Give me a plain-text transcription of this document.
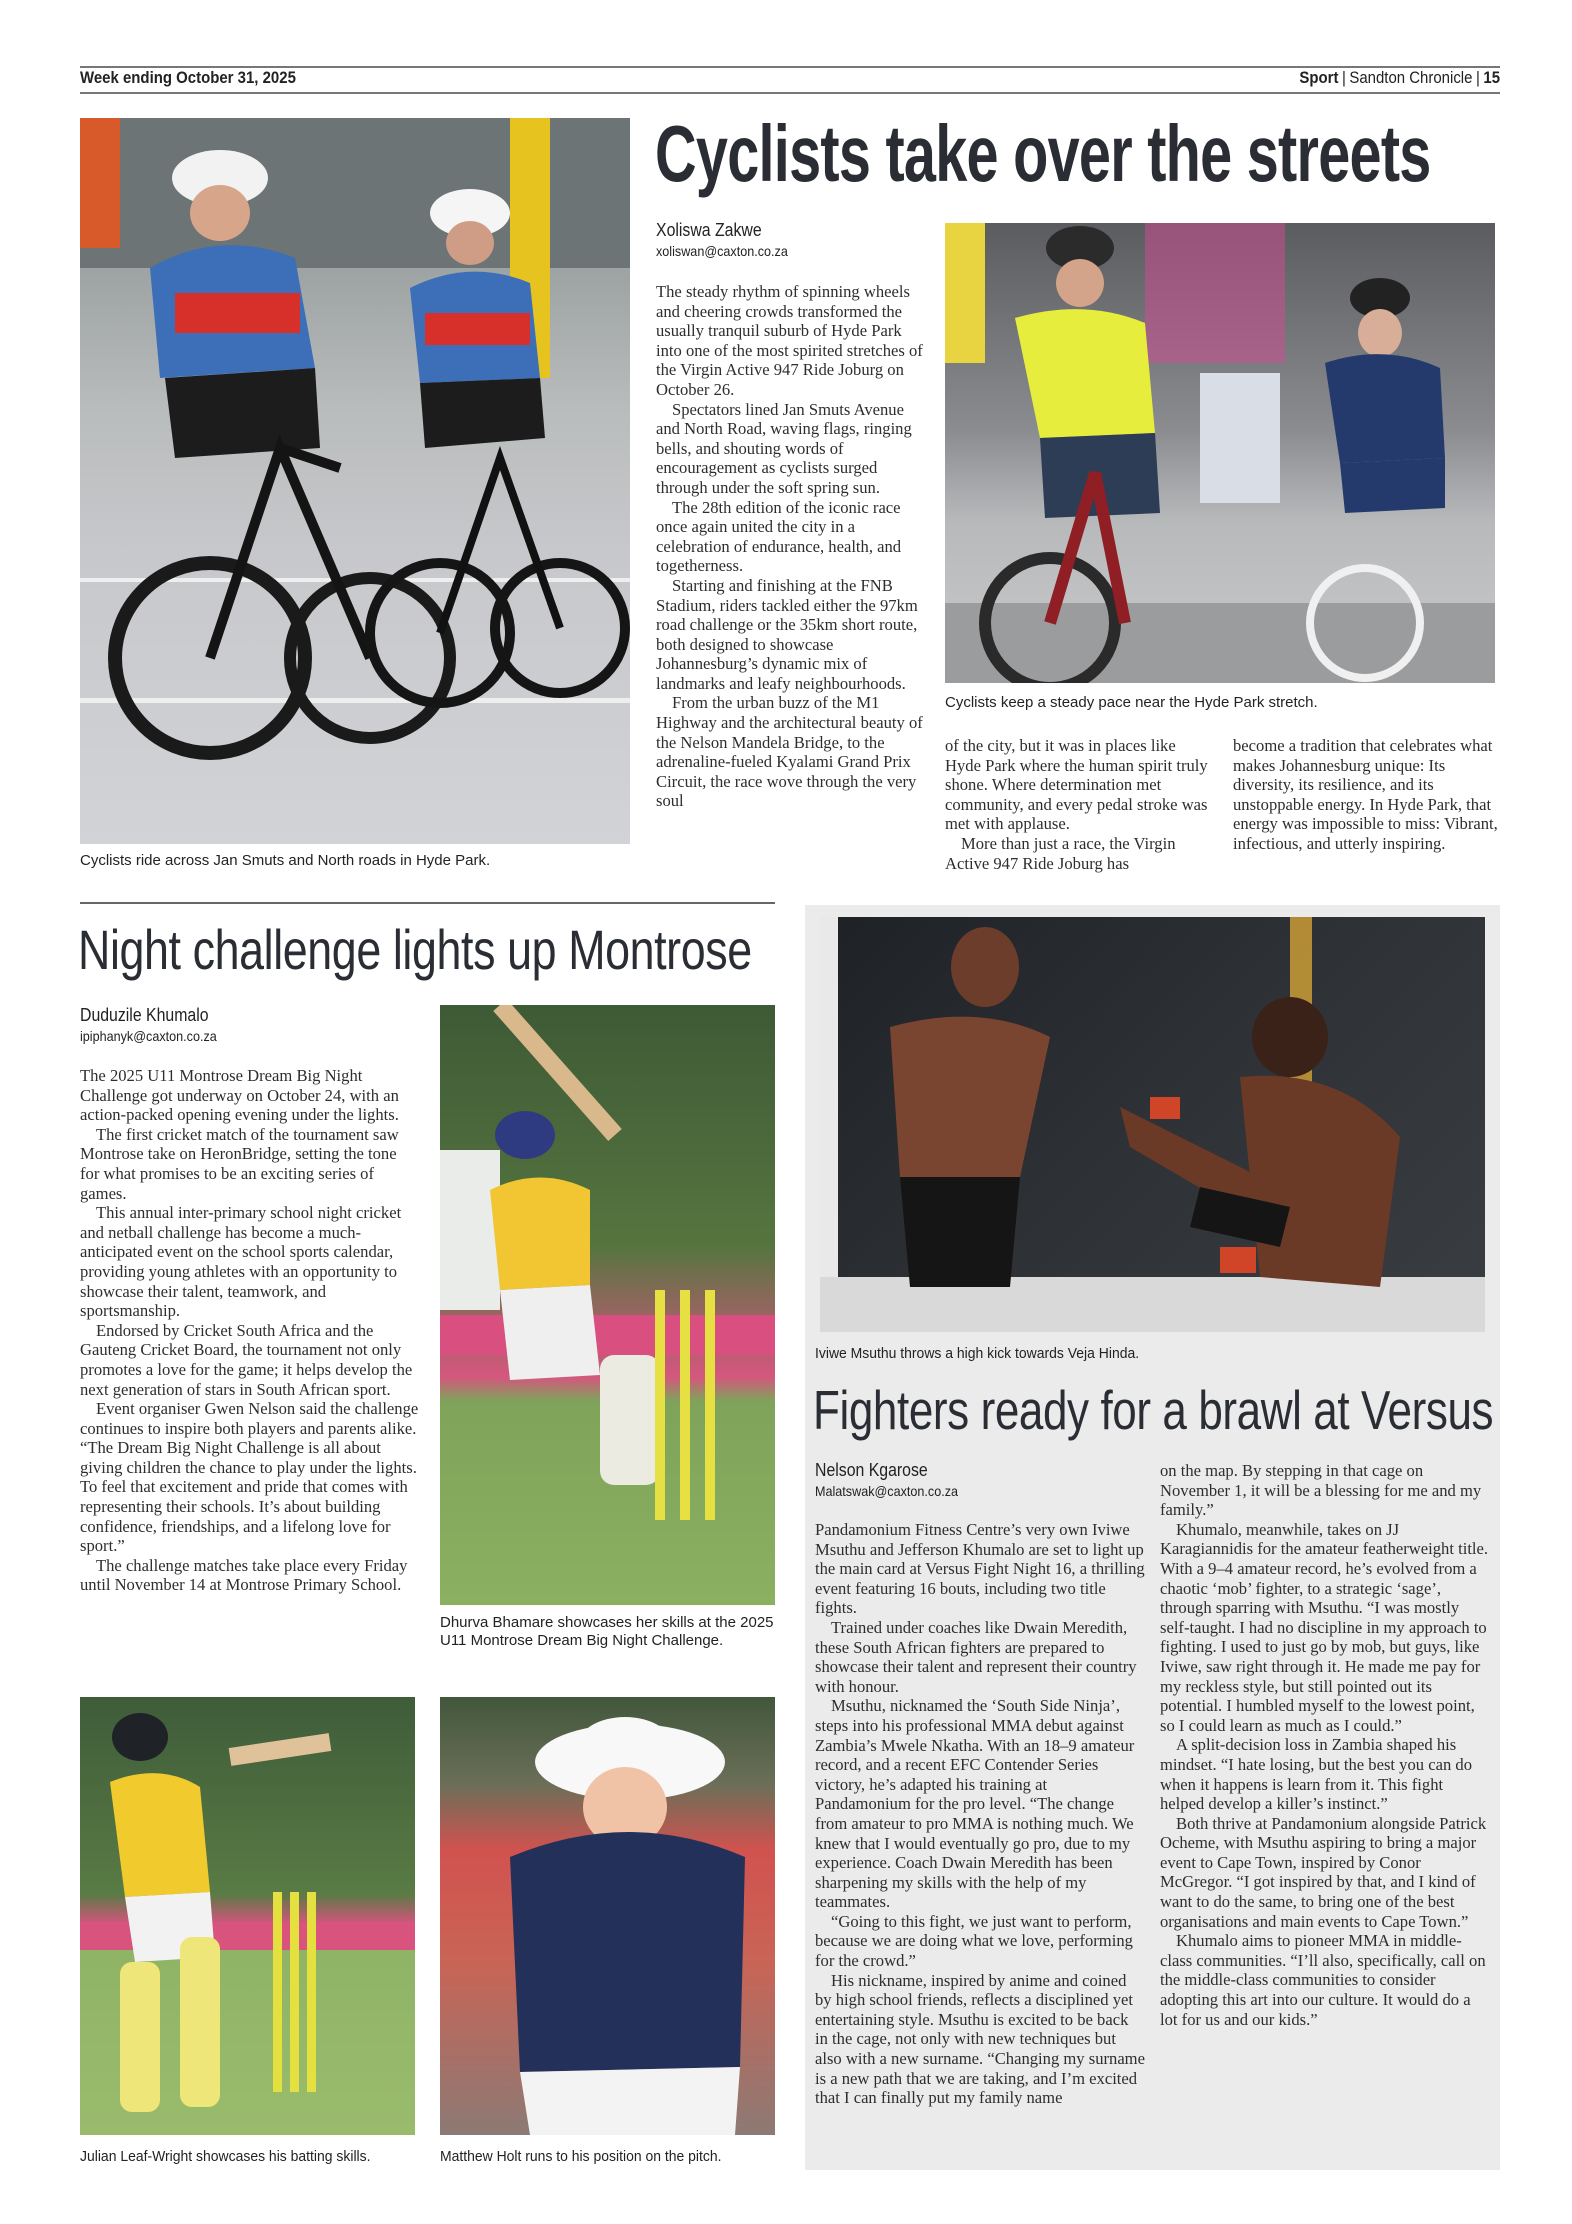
Week ending October 31, 2025	Sport | Sandton Chronicle | 15
Cyclists ride across Jan Smuts and North roads in Hyde Park.
Cyclists take over the streets
Xoliswa Zakwe
xoliswan@caxton.co.za

The steady rhythm of spinning wheels and cheering crowds transformed the usually tranquil suburb of Hyde Park into one of the most spirited stretches of the Virgin Active 947 Ride Joburg on October 26.

Spectators lined Jan Smuts Avenue and North Road, waving flags, ringing bells, and shouting words of encouragement as cyclists surged through under the soft spring sun.

The 28th edition of the iconic race once again united the city in a celebration of endurance, health, and togetherness.

Starting and finishing at the FNB Stadium, riders tackled either the 97km road challenge or the 35km short route, both designed to showcase Johannesburg’s dynamic mix of landmarks and leafy neighbourhoods.

From the urban buzz of the M1 Highway and the architectural beauty of the Nelson Mandela Bridge, to the adrenaline-fueled Kyalami Grand Prix Circuit, the race wove through the very soul

Cyclists keep a steady pace near the Hyde Park stretch.

of the city, but it was in places like Hyde Park where the human spirit truly shone. Where determination met community, and every pedal stroke was met with applause.

More than just a race, the Virgin Active 947 Ride Joburg has

become a tradition that celebrates what makes Johannesburg unique: Its diversity, its resilience, and its unstoppable energy. In Hyde Park, that energy was impossible to miss: Vibrant, infectious, and utterly inspiring.

Night challenge lights up Montrose
Duduzile Khumalo
ipiphanyk@caxton.co.za

The 2025 U11 Montrose Dream Big Night Challenge got underway on October 24, with an action-packed opening evening under the lights.

The first cricket match of the tournament saw Montrose take on HeronBridge, setting the tone for what promises to be an exciting series of games.

This annual inter-primary school night cricket and netball challenge has become a much-anticipated event on the school sports calendar, providing young athletes with an opportunity to showcase their talent, teamwork, and sportsmanship.

Endorsed by Cricket South Africa and the Gauteng Cricket Board, the tournament not only promotes a love for the game; it helps develop the next generation of stars in South African sport.

Event organiser Gwen Nelson said the challenge continues to inspire both players and parents alike. “The Dream Big Night Challenge is all about giving children the chance to play under the lights. To feel that excitement and pride that comes with representing their schools. It’s about building confidence, friendships, and a lifelong love for sport.”

The challenge matches take place every Friday until November 14 at Montrose Primary School.

Dhurva Bhamare showcases her skills at the 2025 U11 Montrose Dream Big Night Challenge.
Julian Leaf-Wright showcases his batting skills.	Matthew Holt runs to his position on the pitch.
Iviwe Msuthu throws a high kick towards Veja Hinda.
Fighters ready for a brawl at Versus
Nelson Kgarose
Malatswak@caxton.co.za

Pandamonium Fitness Centre’s very own Iviwe Msuthu and Jefferson Khumalo are set to light up the main card at Versus Fight Night 16, a thrilling event featuring 16 bouts, including two title fights.

Trained under coaches like Dwain Meredith, these South African fighters are prepared to showcase their talent and represent their country with honour.

Msuthu, nicknamed the ‘South Side Ninja’, steps into his professional MMA debut against Zambia’s Mwele Nkatha. With an 18–9 amateur record, and a recent EFC Contender Series victory, he’s adapted his training at Pandamonium for the pro level. “The change from amateur to pro MMA is nothing much. We knew that I would eventually go pro, due to my experience. Coach Dwain Meredith has been sharpening my skills with the help of my teammates.

“Going to this fight, we just want to perform, because we are doing what we love, performing for the crowd.”

His nickname, inspired by anime and coined by high school friends, reflects a disciplined yet entertaining style. Msuthu is excited to be back in the cage, not only with new techniques but also with a new surname. “Changing my surname is a new path that we are taking, and I’m excited that I can finally put my family name

on the map. By stepping in that cage on November 1, it will be a blessing for me and my family.”

Khumalo, meanwhile, takes on JJ Karagiannidis for the amateur featherweight title. With a 9–4 amateur record, he’s evolved from a chaotic ‘mob’ fighter, to a strategic ‘sage’, through sparring with Msuthu. “I was mostly self-taught. I had no discipline in my approach to fighting. I used to just go by mob, but guys, like Iviwe, saw right through it. He made me pay for my reckless style, but still pointed out its potential. I humbled myself to the lowest point, so I could learn as much as I could.”

A split-decision loss in Zambia shaped his mindset. “I hate losing, but the best you can do when it happens is learn from it. This fight helped develop a killer’s instinct.”

Both thrive at Pandamonium alongside Patrick Ocheme, with Msuthu aspiring to bring a major event to Cape Town, inspired by Conor McGregor. “I got inspired by that, and I kind of want to do the same, to bring one of the best organisations and main events to Cape Town.”

Khumalo aims to pioneer MMA in middle-class communities. “I’ll also, specifically, call on the middle-class communities to consider adopting this art into our culture. It would do a lot for us and our kids.”
